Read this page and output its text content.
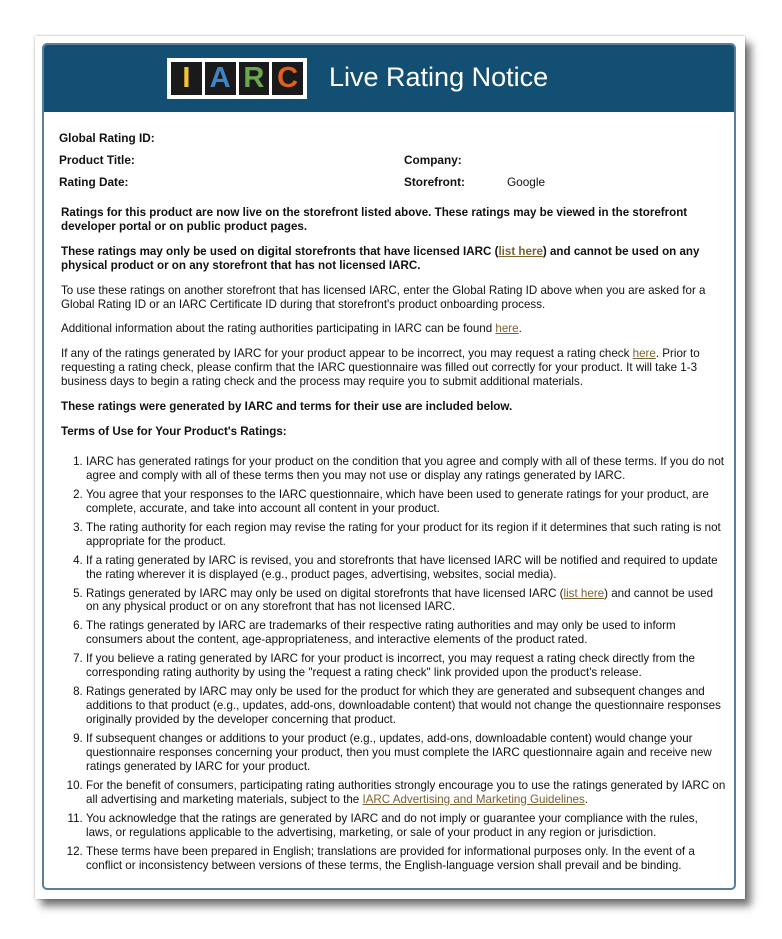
I A R C Live Rating Notice
Global Rating ID:
Product Title:	Company:
Rating Date:	Storefront:	Google

Ratings for this product are now live on the storefront listed above. These ratings may be viewed in the storefront developer portal or on public product pages.

These ratings may only be used on digital storefronts that have licensed IARC (list here) and cannot be used on any physical product or on any storefront that has not licensed IARC.

To use these ratings on another storefront that has licensed IARC, enter the Global Rating ID above when you are asked for a Global Rating ID or an IARC Certificate ID during that storefront's product onboarding process.

Additional information about the rating authorities participating in IARC can be found here.

If any of the ratings generated by IARC for your product appear to be incorrect, you may request a rating check here. Prior to requesting a rating check, please confirm that the IARC questionnaire was filled out correctly for your product. It will take 1-3 business days to begin a rating check and the process may require you to submit additional materials.

These ratings were generated by IARC and terms for their use are included below.

Terms of Use for Your Product's Ratings:

1. IARC has generated ratings for your product on the condition that you agree and comply with all of these terms. If you do not agree and comply with all of these terms then you may not use or display any ratings generated by IARC.
2. You agree that your responses to the IARC questionnaire, which have been used to generate ratings for your product, are complete, accurate, and take into account all content in your product.
3. The rating authority for each region may revise the rating for your product for its region if it determines that such rating is not appropriate for the product.
4. If a rating generated by IARC is revised, you and storefronts that have licensed IARC will be notified and required to update the rating wherever it is displayed (e.g., product pages, advertising, websites, social media).
5. Ratings generated by IARC may only be used on digital storefronts that have licensed IARC (list here) and cannot be used on any physical product or on any storefront that has not licensed IARC.
6. The ratings generated by IARC are trademarks of their respective rating authorities and may only be used to inform consumers about the content, age-appropriateness, and interactive elements of the product rated.
7. If you believe a rating generated by IARC for your product is incorrect, you may request a rating check directly from the corresponding rating authority by using the "request a rating check" link provided upon the product's release.
8. Ratings generated by IARC may only be used for the product for which they are generated and subsequent changes and additions to that product (e.g., updates, add-ons, downloadable content) that would not change the questionnaire responses originally provided by the developer concerning that product.
9. If subsequent changes or additions to your product (e.g., updates, add-ons, downloadable content) would change your questionnaire responses concerning your product, then you must complete the IARC questionnaire again and receive new ratings generated by IARC for your product.
10. For the benefit of consumers, participating rating authorities strongly encourage you to use the ratings generated by IARC on all advertising and marketing materials, subject to the IARC Advertising and Marketing Guidelines.
11. You acknowledge that the ratings are generated by IARC and do not imply or guarantee your compliance with the rules, laws, or regulations applicable to the advertising, marketing, or sale of your product in any region or jurisdiction.
12. These terms have been prepared in English; translations are provided for informational purposes only. In the event of a conflict or inconsistency between versions of these terms, the English-language version shall prevail and be binding.
